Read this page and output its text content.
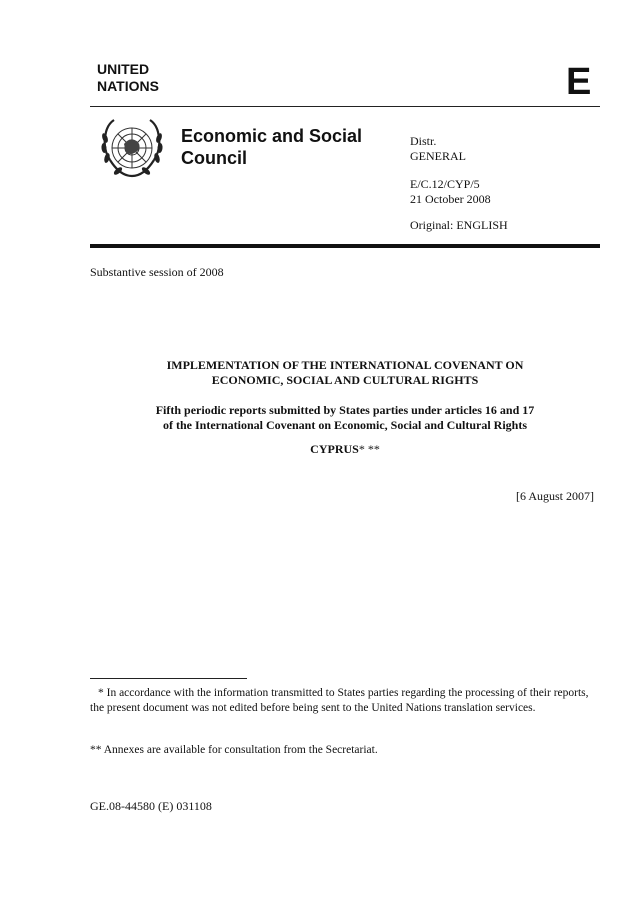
UNITED
NATIONS	E
Economic and Social
Council
Distr.
GENERAL
E/C.12/CYP/5
21 October 2008
Original: ENGLISH
Substantive session of 2008
IMPLEMENTATION OF THE INTERNATIONAL COVENANT ON
ECONOMIC, SOCIAL AND CULTURAL RIGHTS
Fifth periodic reports submitted by States parties under articles 16 and 17
of the International Covenant on Economic, Social and Cultural Rights
CYPRUS* **
[6 August 2007]
* In accordance with the information transmitted to States parties regarding the processing of their reports, the present document was not edited before being sent to the United Nations translation services.
** Annexes are available for consultation from the Secretariat.
GE.08-44580 (E) 031108
